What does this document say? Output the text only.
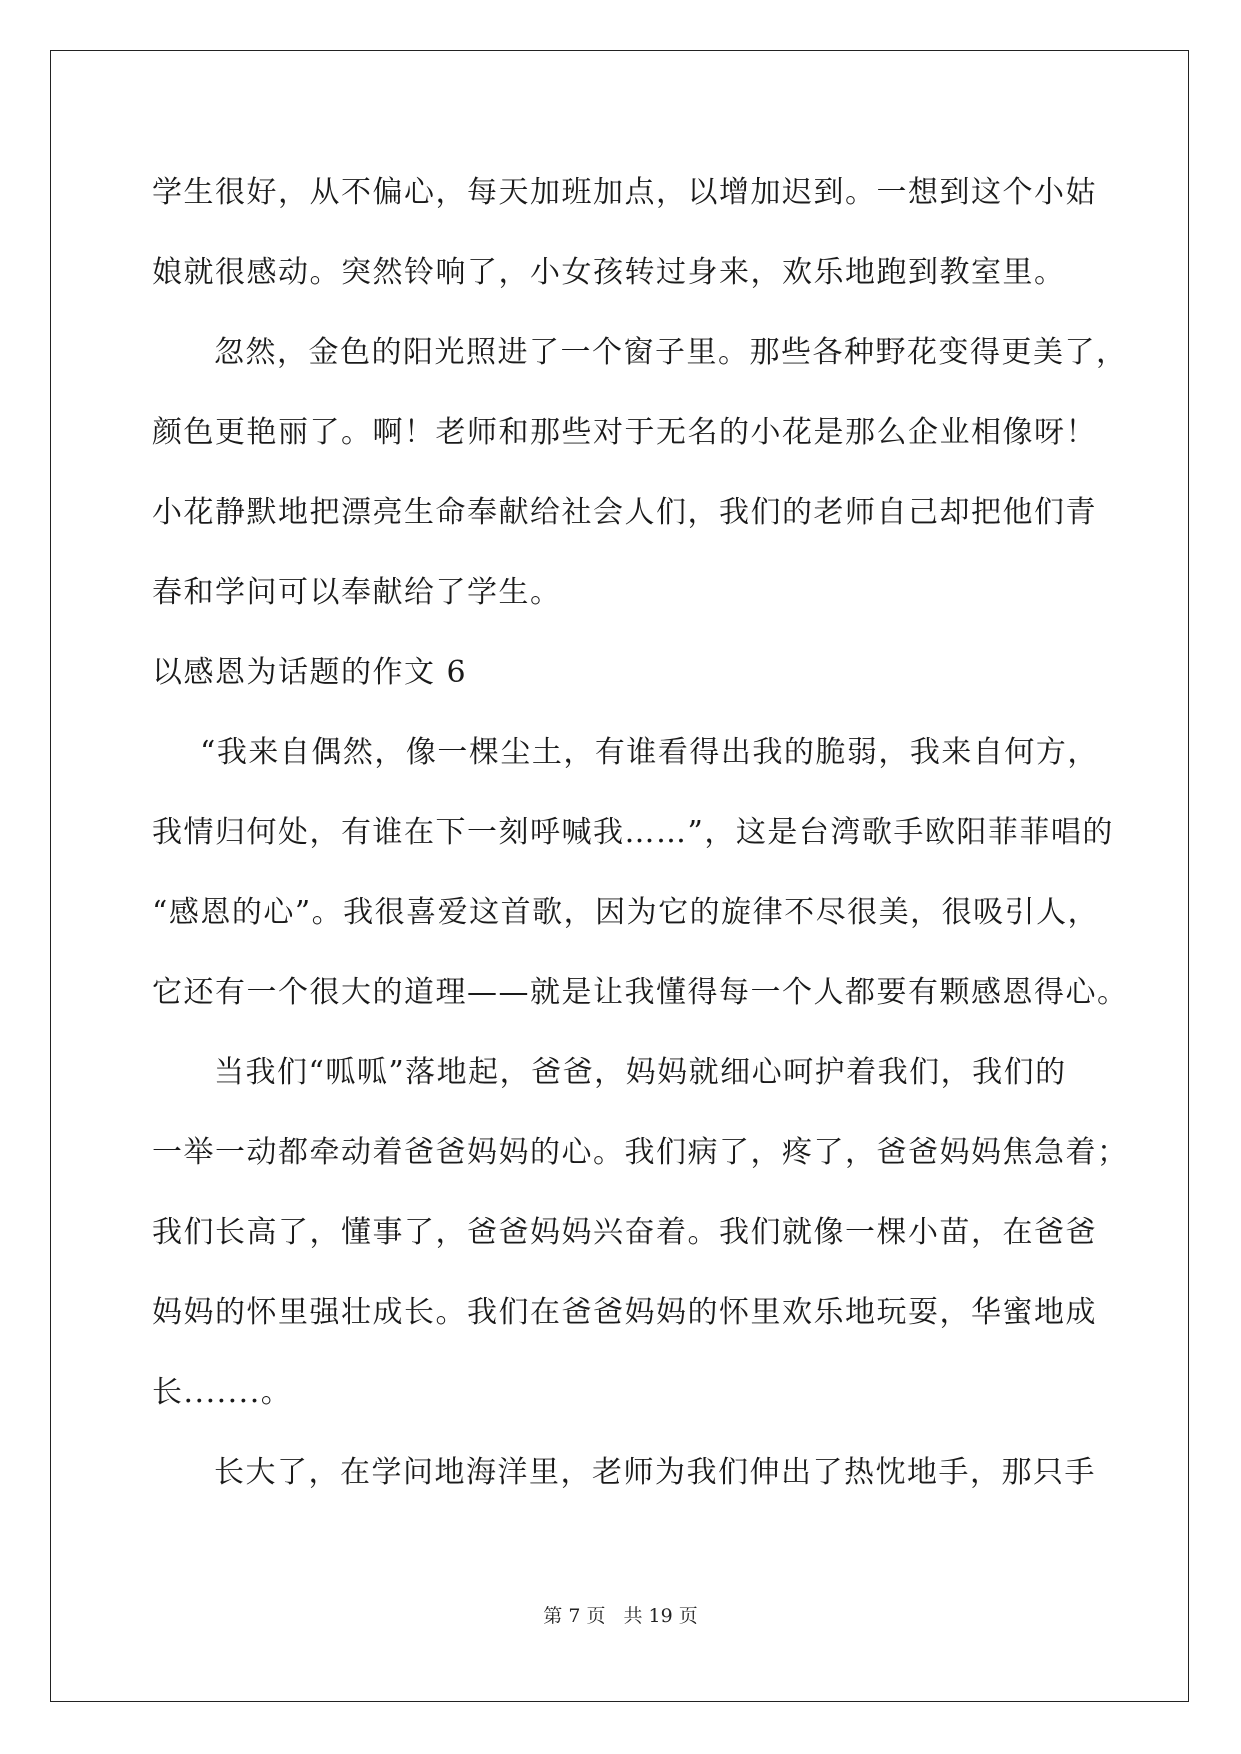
学生很好，从不偏心，每天加班加点，以增加迟到。一想到这个小姑
娘就很感动。突然铃响了，小女孩转过身来，欢乐地跑到教室里。
忽然，金色的阳光照进了一个窗子里。那些各种野花变得更美了，
颜色更艳丽了。啊！老师和那些对于无名的小花是那么企业相像呀！
小花静默地把漂亮生命奉献给社会人们，我们的老师自己却把他们青
春和学问可以奉献给了学生。
以感恩为话题的作文 6
“我来自偶然，像一棵尘土，有谁看得出我的脆弱，我来自何方，
我情归何处，有谁在下一刻呼喊我……”，这是台湾歌手欧阳菲菲唱的
“感恩的心”。我很喜爱这首歌，因为它的旋律不尽很美，很吸引人，
它还有一个很大的道理——就是让我懂得每一个人都要有颗感恩得心。
当我们“呱呱”落地起，爸爸，妈妈就细心呵护着我们，我们的
一举一动都牵动着爸爸妈妈的心。我们病了，疼了，爸爸妈妈焦急着；
我们长高了，懂事了，爸爸妈妈兴奋着。我们就像一棵小苗，在爸爸
妈妈的怀里强壮成长。我们在爸爸妈妈的怀里欢乐地玩耍，华蜜地成
长.......。
长大了，在学问地海洋里，老师为我们伸出了热忱地手，那只手
第 7 页 共 19 页
